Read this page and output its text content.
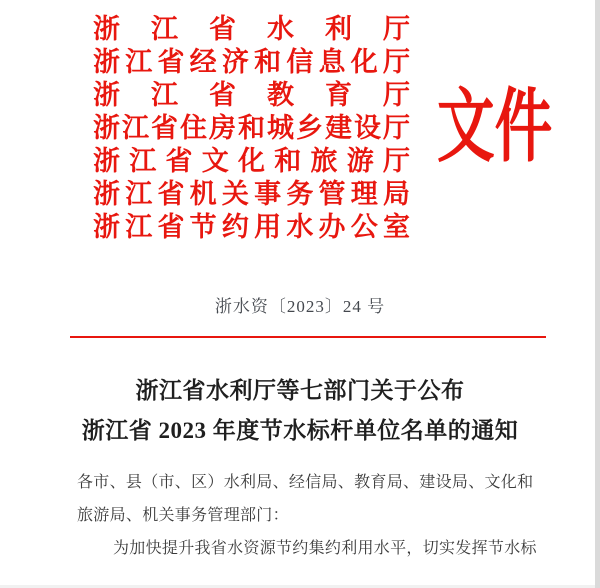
浙江省水利厅
浙江省经济和信息化厅
浙江省教育厅
浙江省住房和城乡建设厅
浙江省文化和旅游厅
浙江省机关事务管理局
浙江省节约用水办公室
文件
浙水资〔2023〕24 号
浙江省水利厅等七部门关于公布
浙江省 2023 年度节水标杆单位名单的通知
各市、县（市、区）水利局、经信局、教育局、建设局、文化和
旅游局、机关事务管理部门：
为加快提升我省水资源节约集约利用水平，切实发挥节水标
